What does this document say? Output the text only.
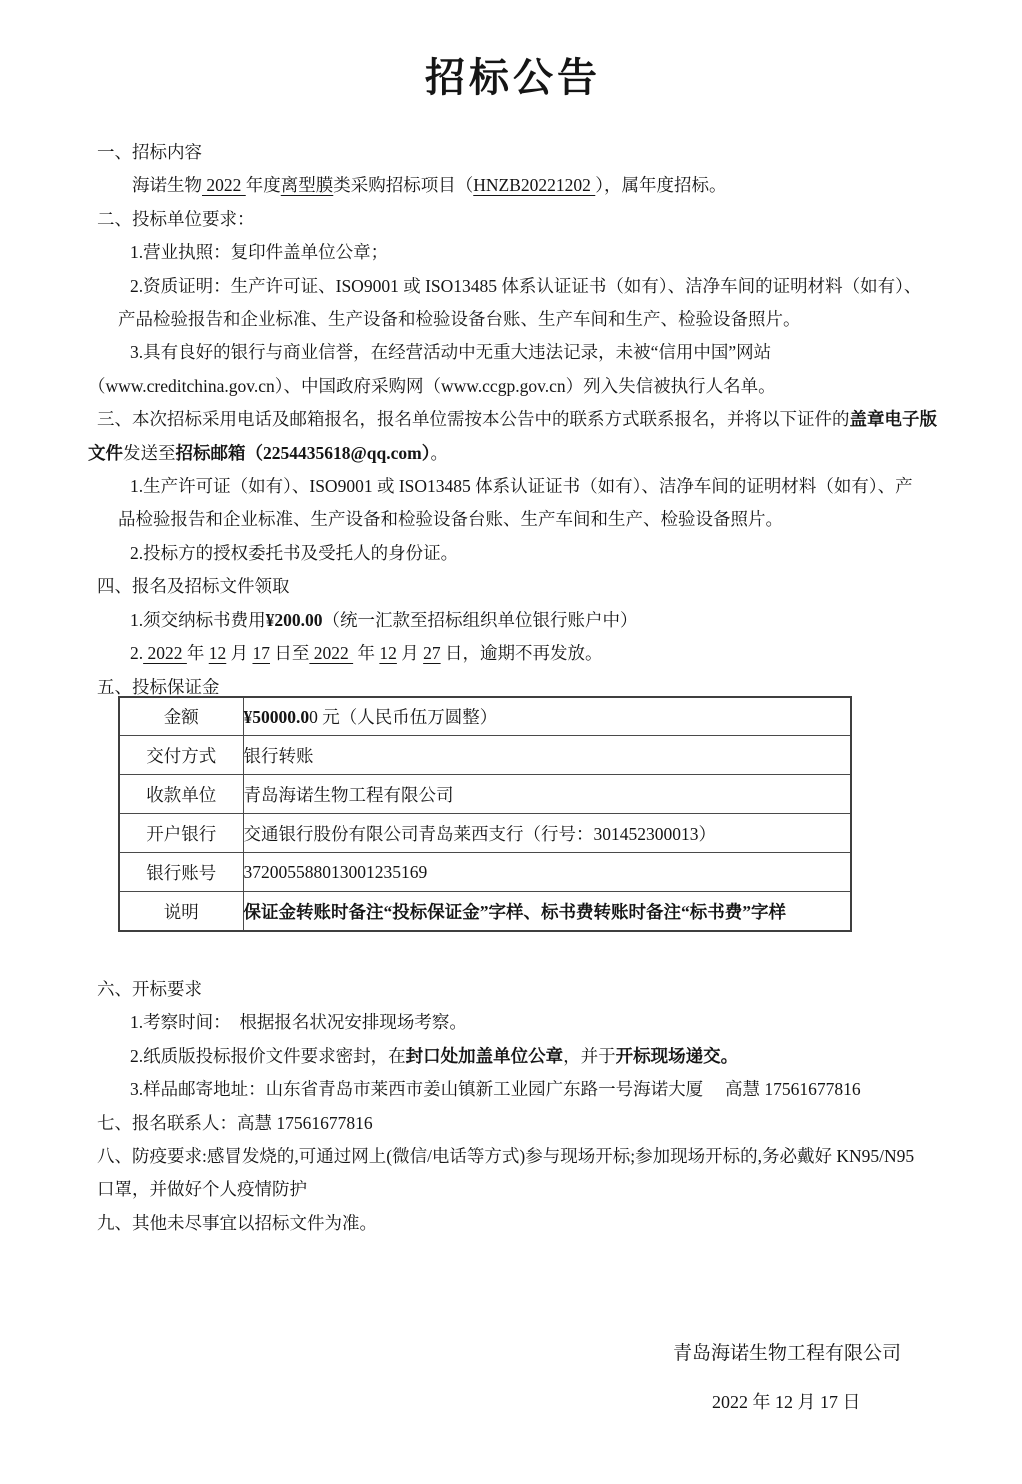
招标公告
一、招标内容
海诺生物 2022 年度离型膜类采购招标项目（HNZB20221202 ），属年度招标。
二、投标单位要求：
1.营业执照：复印件盖单位公章；
2.资质证明：生产许可证、ISO9001 或 ISO13485 体系认证证书（如有）、洁净车间的证明材料（如有）、
产品检验报告和企业标准、生产设备和检验设备台账、生产车间和生产、检验设备照片。
3.具有良好的银行与商业信誉，在经营活动中无重大违法记录，未被“信用中国”网站
（www.creditchina.gov.cn）、中国政府采购网（www.ccgp.gov.cn）列入失信被执行人名单。
三、本次招标采用电话及邮箱报名，报名单位需按本公告中的联系方式联系报名，并将以下证件的盖章电子版
文件发送至招标邮箱（2254435618@qq.com）。
1.生产许可证（如有）、ISO9001 或 ISO13485 体系认证证书（如有）、洁净车间的证明材料（如有）、产
品检验报告和企业标准、生产设备和检验设备台账、生产车间和生产、检验设备照片。
2.投标方的授权委托书及受托人的身份证。
四、报名及招标文件领取
1.须交纳标书费用¥200.00（统一汇款至招标组织单位银行账户中）
2. 2022 年 12 月 17 日至 2022  年 12 月 27 日，逾期不再发放。
五、投标保证金
金额	¥50000.00 元（人民币伍万圆整）
交付方式	银行转账
收款单位	青岛海诺生物工程有限公司
开户银行	交通银行股份有限公司青岛莱西支行（行号：301452300013）
银行账号	372005588013001235169
说明	保证金转账时备注“投标保证金”字样、标书费转账时备注“标书费”字样
六、开标要求
1.考察时间：　根据报名状况安排现场考察。
2.纸质版投标报价文件要求密封，在封口处加盖单位公章，并于开标现场递交。
3.样品邮寄地址：山东省青岛市莱西市姜山镇新工业园广东路一号海诺大厦　 高慧 17561677816
七、报名联系人：高慧 17561677816
八、防疫要求:感冒发烧的,可通过网上(微信/电话等方式)参与现场开标;参加现场开标的,务必戴好 KN95/N95
口罩，并做好个人疫情防护
九、其他未尽事宜以招标文件为准。
青岛海诺生物工程有限公司
2022 年 12 月 17 日
